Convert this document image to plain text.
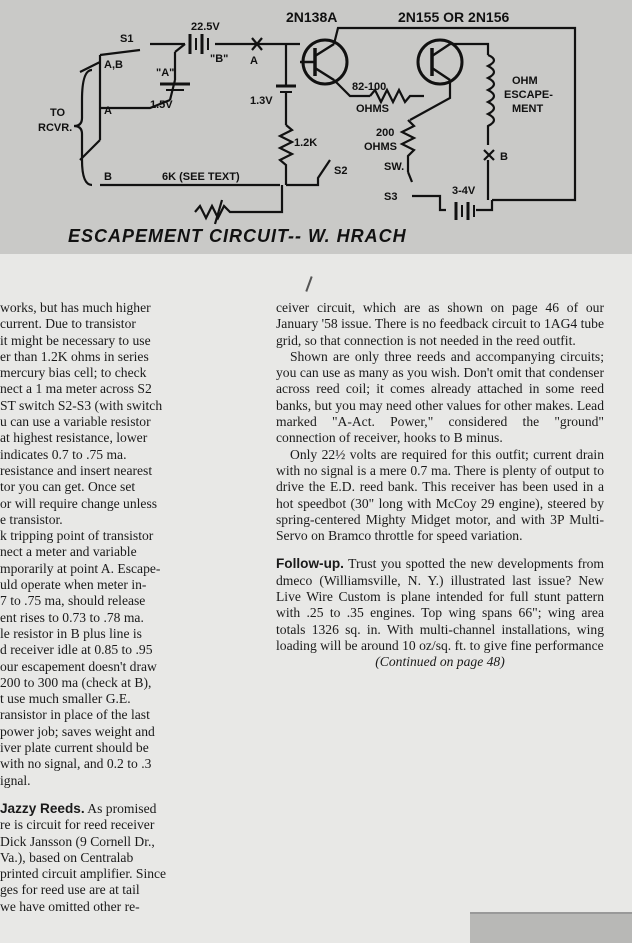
22.5V
2N138A	2N155 OR 2N156
S1
A,B	"B" A
"A"
1.5V
TO
RCVR.
A
B
1.3V
82-100
OHMS
200
OHMS
1.2K
S2	SW.
S3	3-4V
OHM
ESCAPE-
MENT
B
6K (SEE TEXT)
ESCAPEMENT CIRCUIT-- W. HRACH
works, but has much higher
current. Due to transistor
it might be necessary to use
er than 1.2K ohms in series
mercury bias cell; to check
nect a 1 ma meter across S2
ST switch S2-S3 (with switch
u can use a variable resistor
at highest resistance, lower
indicates 0.7 to .75 ma.
resistance and insert nearest
tor you can get. Once set
or will require change unless
e transistor.
k tripping point of transistor
nect a meter and variable
mporarily at point A. Escape-
uld operate when meter in-
7 to .75 ma, should release
ent rises to 0.73 to .78 ma.
le resistor in B plus line is
d receiver idle at 0.85 to .95
our escapement doesn't draw
200 to 300 ma (check at B),
t use much smaller G.E.
ransistor in place of the last
power job; saves weight and
iver plate current should be
with no signal, and 0.2 to .3
ignal.

Jazzy Reeds. As promised

re is circuit for reed receiver
Dick Jansson (9 Cornell Dr.,
Va.), based on Centralab
printed circuit amplifier. Since
ges for reed use are at tail
we have omitted other re-

ceiver circuit, which are as shown on page 46 of our January '58 issue. There is no feedback circuit to 1AG4 tube grid, so that connection is not needed in the reed outfit.

Shown are only three reeds and accompanying circuits; you can use as many as you wish. Don't omit that condenser across reed coil; it comes already attached in some reed banks, but you may need other values for other makes. Lead marked "A-Act. Power," considered the "ground" connection of receiver, hooks to B minus.

Only 22½ volts are required for this outfit; current drain with no signal is a mere 0.7 ma. There is plenty of output to drive the E.D. reed bank. This receiver has been used in a hot speedbot (30" long with McCoy 29 engine), steered by spring-centered Mighty Midget motor, and with 3P Multi-Servo on Bramco throttle for speed variation.

Follow-up. Trust you spotted the new developments from dmeco (Williamsville, N. Y.) illustrated last issue? New Live Wire Custom is plane intended for full stunt pattern with .25 to .35 engines. Top wing spans 66"; wing area totals 1326 sq. in. With multi-channel installations, wing loading will be around 10 oz/sq. ft. to give fine performance

(Continued on page 48)
